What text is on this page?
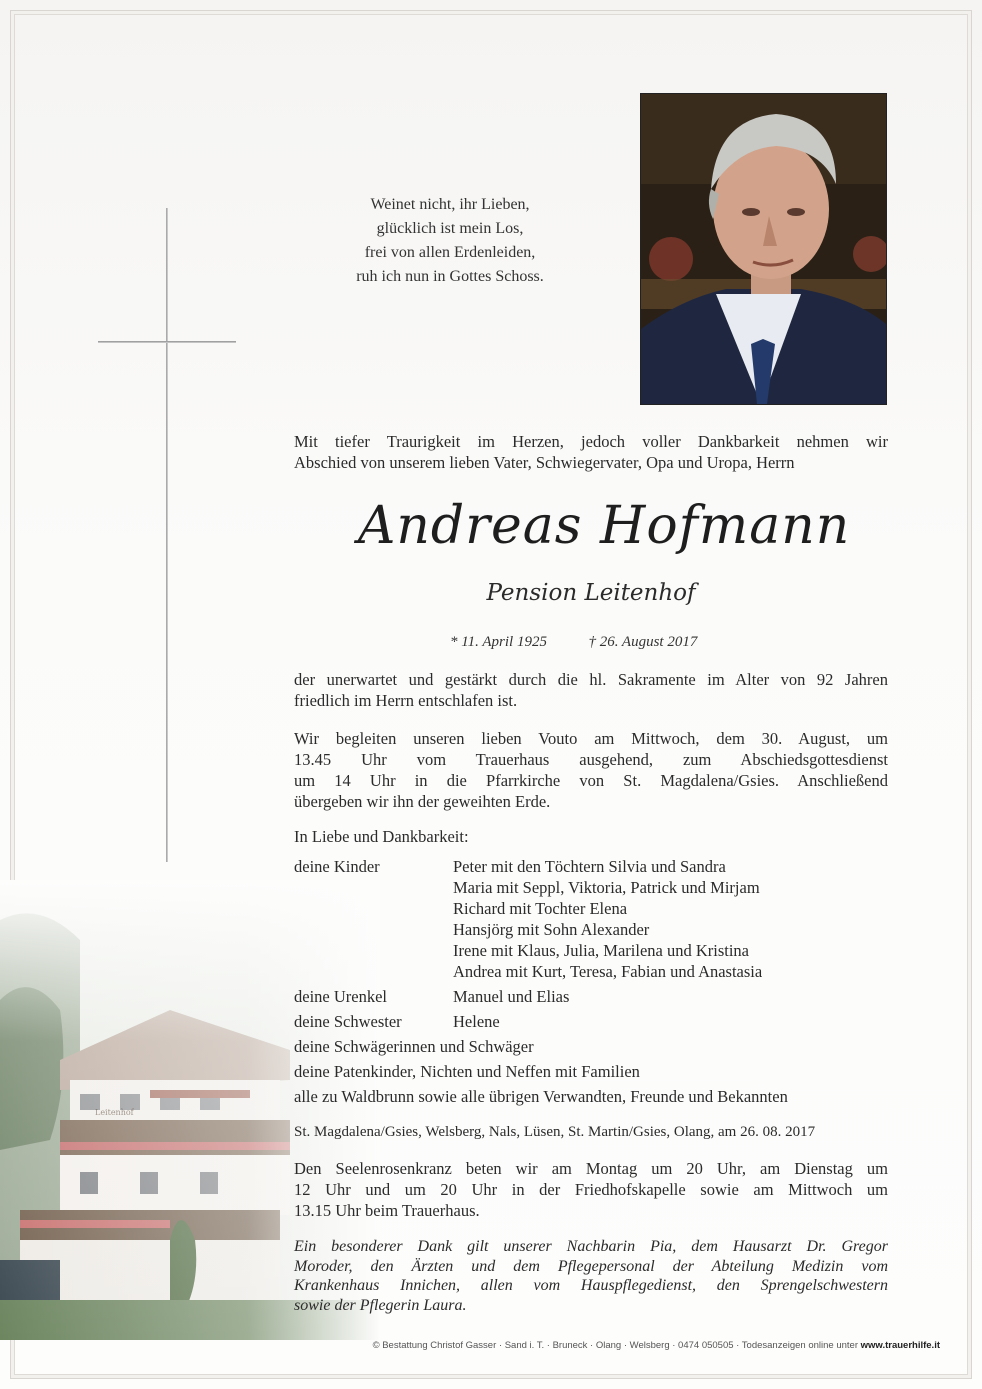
Leitenhof
Weinet nicht, ihr Lieben,
glücklich ist mein Los,
frei von allen Erdenleiden,
ruh ich nun in Gottes Schoss.
Mit tiefer Traurigkeit im Herzen, jedoch voller Dankbarkeit nehmen wir
Abschied von unserem lieben Vater, Schwiegervater, Opa und Uropa, Herrn
Andreas Hofmann
Pension Leitenhof
* 11. April 1925	† 26. August 2017
der unerwartet und gestärkt durch die hl. Sakramente im Alter von 92 Jahren
friedlich im Herrn entschlafen ist.
Wir begleiten unseren lieben Vouto am Mittwoch, dem 30. August, um
13.45 Uhr vom Trauerhaus ausgehend, zum Abschiedsgottesdienst
um 14 Uhr in die Pfarrkirche von St. Magdalena/Gsies. Anschließend
übergeben wir ihn der geweihten Erde.
In Liebe und Dankbarkeit:
deine Kinder	Peter mit den Töchtern Silvia und Sandra
Maria mit Seppl, Viktoria, Patrick und Mirjam
Richard mit Tochter Elena
Hansjörg mit Sohn Alexander
Irene mit Klaus, Julia, Marilena und Kristina
Andrea mit Kurt, Teresa, Fabian und Anastasia
deine Urenkel	Manuel und Elias
deine Schwester	Helene
deine Schwägerinnen und Schwäger
deine Patenkinder, Nichten und Neffen mit Familien
alle zu Waldbrunn sowie alle übrigen Verwandten, Freunde und Bekannten
St. Magdalena/Gsies, Welsberg, Nals, Lüsen, St. Martin/Gsies, Olang, am 26. 08. 2017
Den Seelenrosenkranz beten wir am Montag um 20 Uhr, am Dienstag um
12 Uhr und um 20 Uhr in der Friedhofskapelle sowie am Mittwoch um
13.15 Uhr beim Trauerhaus.
Ein besonderer Dank gilt unserer Nachbarin Pia, dem Hausarzt Dr. Gregor
Moroder, den Ärzten und dem Pflegepersonal der Abteilung Medizin vom
Krankenhaus Innichen, allen vom Hauspflegedienst, den Sprengelschwestern
sowie der Pflegerin Laura.
© Bestattung Christof Gasser · Sand i. T. · Bruneck · Olang · Welsberg · 0474 050505 · Todesanzeigen online unter www.trauerhilfe.it
